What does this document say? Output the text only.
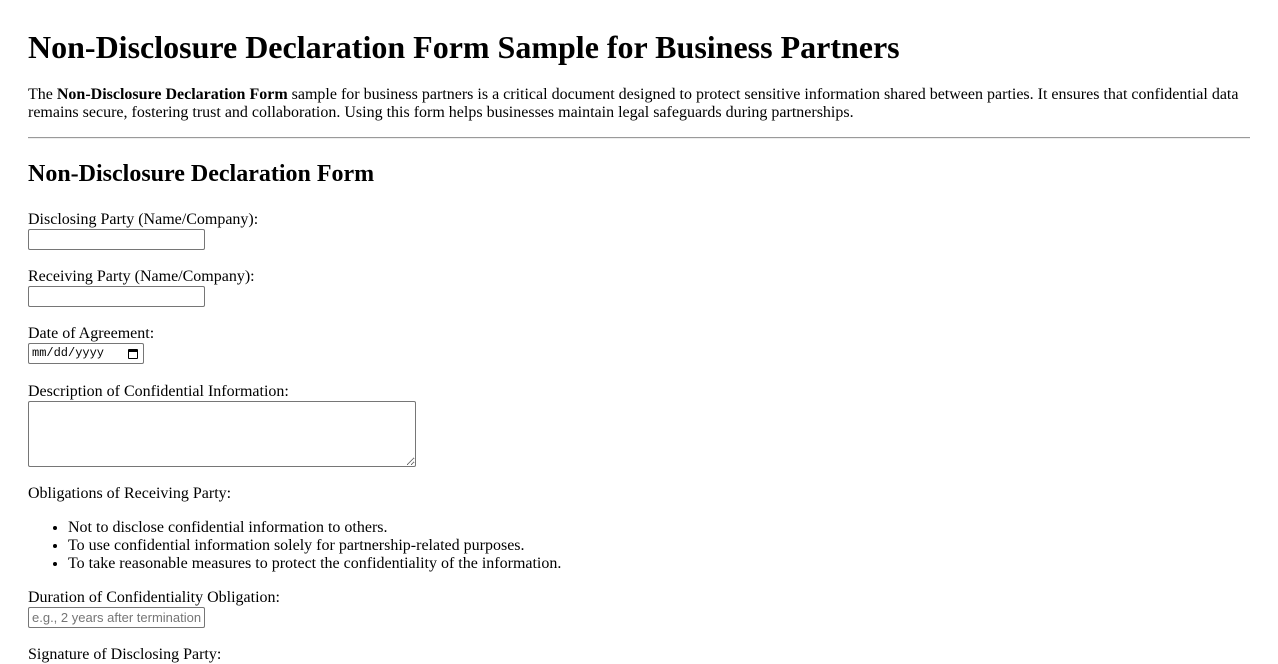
Non-Disclosure Declaration Form Sample for Business Partners

The Non-Disclosure Declaration Form sample for business partners is a critical document designed to protect sensitive information shared between parties. It ensures that confidential data remains secure, fostering trust and collaboration. Using this form helps businesses maintain legal safeguards during partnerships.

Non-Disclosure Declaration Form
Disclosing Party (Name/Company):
Receiving Party (Name/Company):
Date of Agreement:
mm/dd/yyyy
Description of Confidential Information:
Obligations of Receiving Party:
• Not to disclose confidential information to others.
• To use confidential information solely for partnership-related purposes.
• To take reasonable measures to protect the confidentiality of the information.
Duration of Confidentiality Obligation:
e.g., 2 years after termination
Signature of Disclosing Party:
